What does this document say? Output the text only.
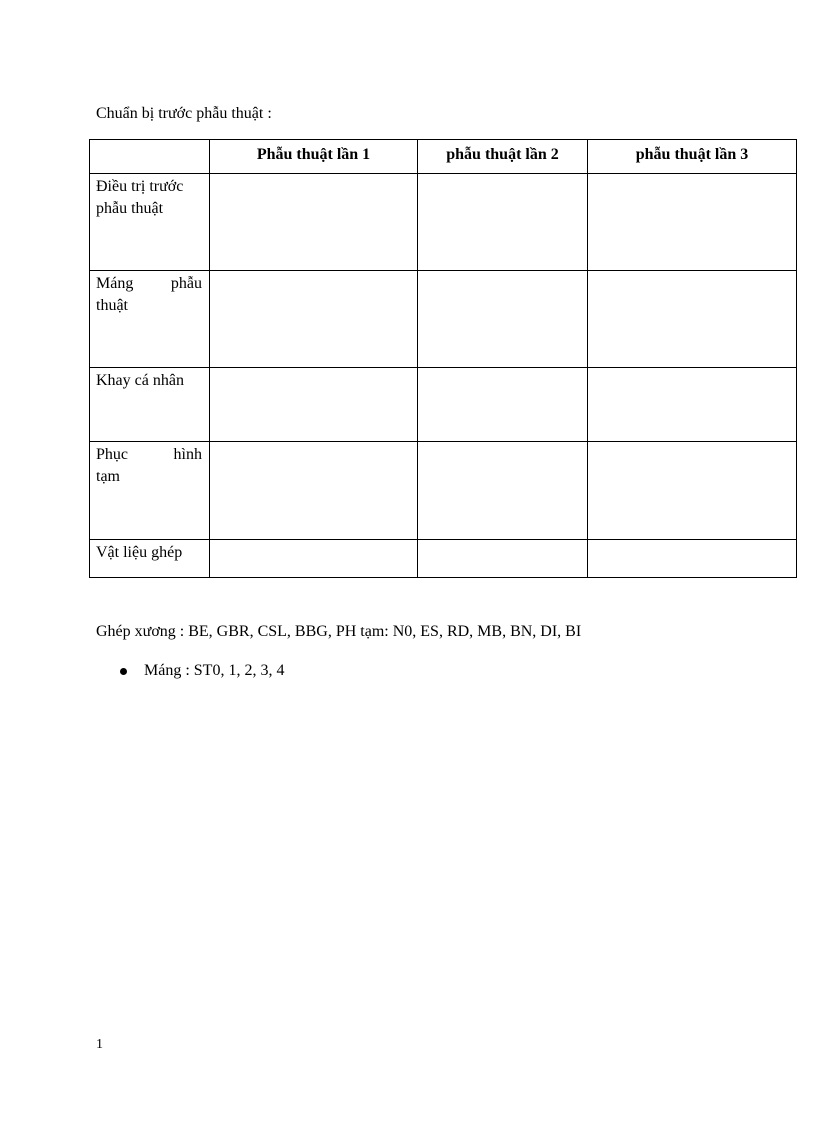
Chuẩn bị trước phẫu thuật :
	Phẫu thuật lần 1	phẫu thuật lần 2	phẫu thuật lần 3

Điều trị trước
phẫu thuật			

Máng phẫu
thuật			

Khay cá nhân			

Phục hình
tạm			

Vật liệu ghép			

Ghép xương : BE, GBR, CSL, BBG, PH tạm: N0, ES, RD, MB, BN, DI, BI
Máng : ST0, 1, 2, 3, 4
1
